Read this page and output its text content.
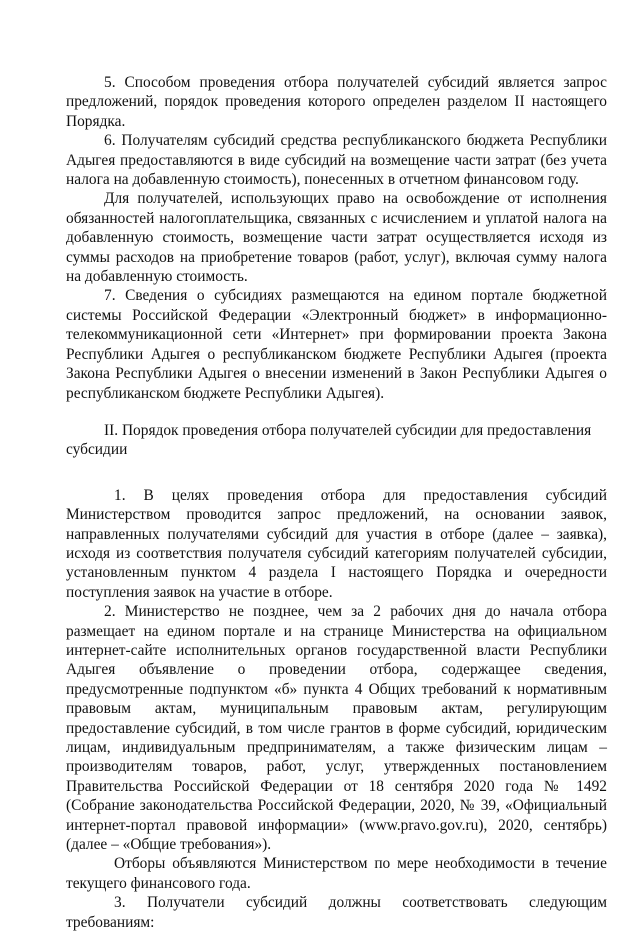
5. Способом проведения отбора получателей субсидий является запрос предложений, порядок проведения которого определен разделом II настоящего Порядка.

6. Получателям субсидий средства республиканского бюджета Республики Адыгея предоставляются в виде субсидий на возмещение части затрат (без учета налога на добавленную стоимость), понесенных в отчетном финансовом году.

Для получателей, использующих право на освобождение от исполнения обязанностей налогоплательщика, связанных с исчислением и уплатой налога на добавленную стоимость, возмещение части затрат осуществляется исходя из суммы расходов на приобретение товаров (работ, услуг), включая сумму налога на добавленную стоимость.

7. Сведения о субсидиях размещаются на едином портале бюджетной системы Российской Федерации «Электронный бюджет» в информационно-телекоммуникационной сети «Интернет» при формировании проекта Закона Республики Адыгея о республиканском бюджете Республики Адыгея (проекта Закона Республики Адыгея о внесении изменений в Закон Республики Адыгея о республиканском бюджете Республики Адыгея).

II. Порядок проведения отбора получателей субсидии для предоставления субсидии

1. В целях проведения отбора для предоставления субсидий Министерством проводится запрос предложений, на основании заявок, направленных получателями субсидий для участия в отборе (далее – заявка), исходя из соответствия получателя субсидий категориям получателей субсидии, установленным пунктом 4 раздела I настоящего Порядка и очередности поступления заявок на участие в отборе.

2. Министерство не позднее, чем за 2 рабочих дня до начала отбора размещает на едином портале и на странице Министерства на официальном интернет-сайте исполнительных органов государственной власти Республики Адыгея объявление о проведении отбора, содержащее сведения, предусмотренные подпунктом «б» пункта 4 Общих требований к нормативным правовым актам, муниципальным правовым актам, регулирующим предоставление субсидий, в том числе грантов в форме субсидий, юридическим лицам, индивидуальным предпринимателям, а также физическим лицам – производителям товаров, работ, услуг, утвержденных постановлением Правительства Российской Федерации от 18 сентября 2020 года № 1492 (Собрание законодательства Российской Федерации, 2020, № 39, «Официальный интернет-портал правовой информации» (www.pravo.gov.ru), 2020, сентябрь) (далее – «Общие требования»).

Отборы объявляются Министерством по мере необходимости в течение текущего финансового года.

3. Получатели субсидий должны соответствовать следующим требованиям:
